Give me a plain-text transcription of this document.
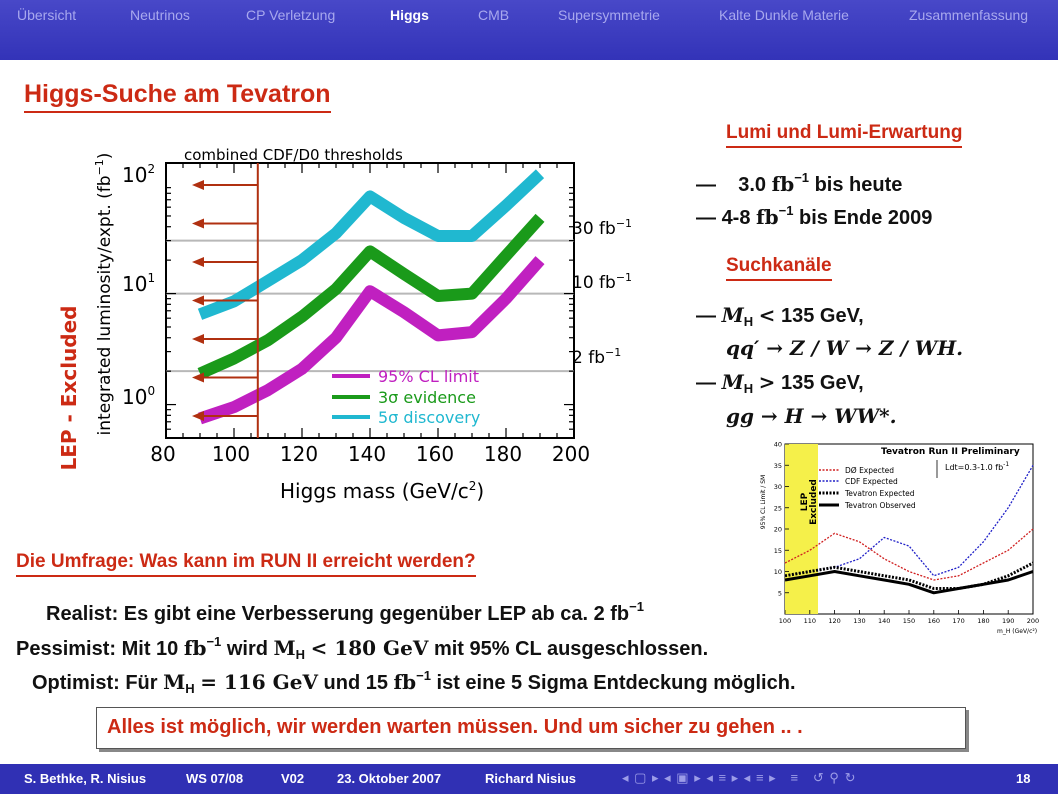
Übersicht	Neutrinos	CP Verletzung	Higgs	CMB	Supersymmetrie	Kalte Dunkle Materie	Zusammenfassung
Higgs-Suche am Tevatron
LEP - Excluded integrated luminosity/expt. $(fb^{-1})$	combined CDF/D0 thresholds
$10^2$
$10^1$
$10^0$
80 100 120 140 160 180 200
Higgs mass $(GeV/c^2)$
30 $fb^{-1}$
10 $fb^{-1}$
2 $fb^{-1}$
95% CL limit
3σ evidence
5σ discovery
Lumi und Lumi-Erwartung
—    3.0 $fb^{-1}$ bis heute
— 4-8 $fb^{-1}$ bis Ende 2009
Suchkanäle
— $M_H < 135$ GeV,
qq′ → Z / W → Z / WH.
— $M_H > 135$ GeV,
gg → H → WW*.
LEP Excluded
Tevatron Run II Preliminary
Ldt=0.3-1.0 $fb^{-1}$
DØ Expected
CDF Expected
Tevatron Expected
Tevatron Observed
100 110 120 130 140 150 160 170 180 190 200
5
10
15
20
25
30
35
40
95% CL Limit / SM
m_H (GeV/c²)
Die Umfrage: Was kann im RUN II erreicht werden?
Realist: Es gibt eine Verbesserung gegenüber LEP ab ca. 2 $fb^{-1}$
Pessimist: Mit 10 $fb^{-1}$ wird $M_H < 180$ GeV mit 95% CL ausgeschlossen.
Optimist: Für $M_H = 116$ GeV und 15 $fb^{-1}$ ist eine 5 Sigma Entdeckung möglich.
Alles ist möglich, wir werden warten müssen. Und um sicher zu gehen .. .
S. Bethke, R. Nisius	WS 07/08	V02	23. Oktober 2007	Richard Nisius	◂ ▢ ▸ ◂ ▣ ▸ ◂ ≡ ▸ ◂ ≡ ▸   ≡   ↺ ⚲ ↻	18
